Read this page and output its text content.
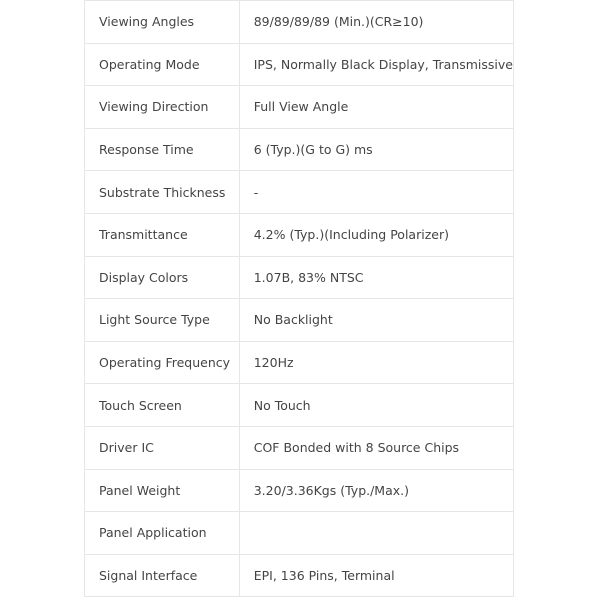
Viewing Angles	89/89/89/89 (Min.)(CR≥10)
Operating Mode	IPS, Normally Black Display, Transmissive
Viewing Direction	Full View Angle
Response Time	6 (Typ.)(G to G) ms
Substrate Thickness	-
Transmittance	4.2% (Typ.)(Including Polarizer)
Display Colors	1.07B, 83% NTSC
Light Source Type	No Backlight
Operating Frequency	120Hz
Touch Screen	No Touch
Driver IC	COF Bonded with 8 Source Chips
Panel Weight	3.20/3.36Kgs (Typ./Max.)
Panel Application	
Signal Interface	EPI, 136 Pins, Terminal
